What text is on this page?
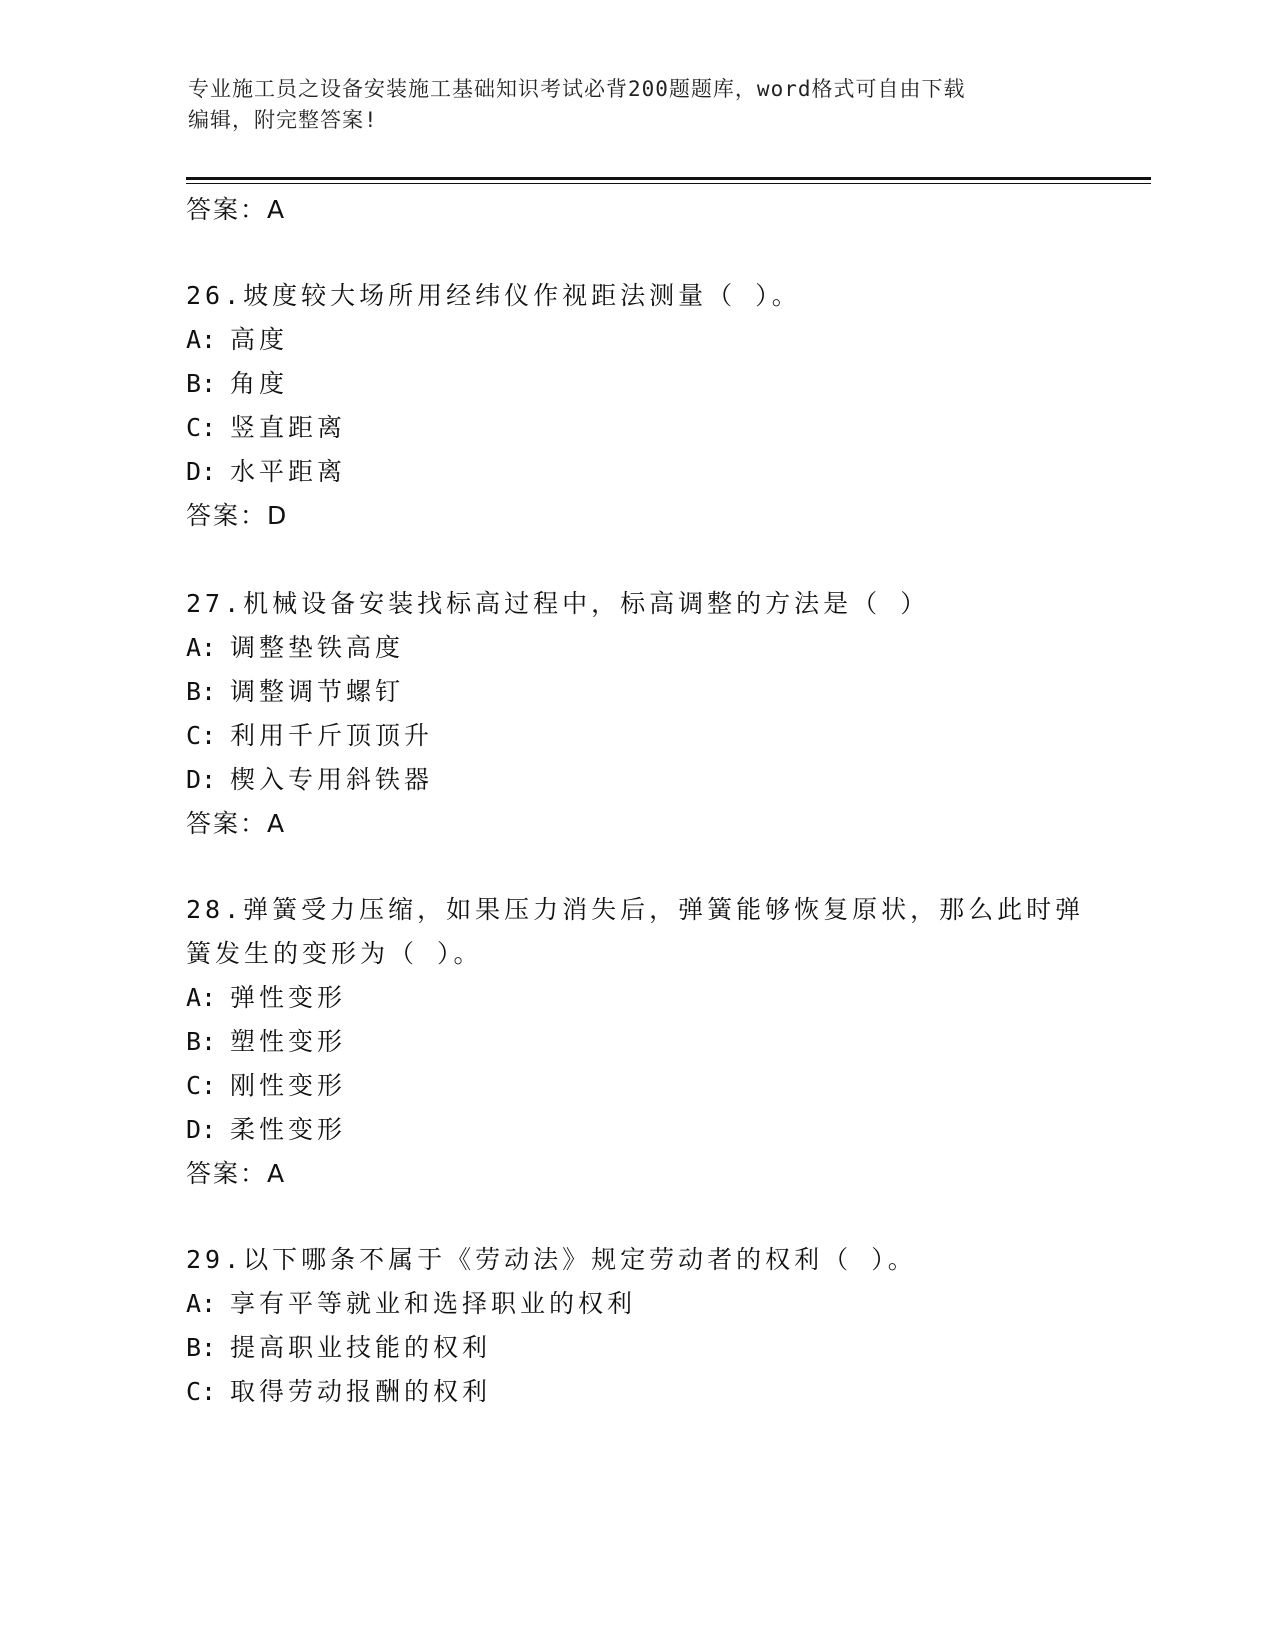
专业施工员之设备安装施工基础知识考试必背200题题库，word格式可自由下载
编辑，附完整答案!
答案：A
26.坡度较大场所用经纬仪作视距法测量（ ）。
A: 高度
B: 角度
C: 竖直距离
D: 水平距离
答案：D
27.机械设备安装找标高过程中，标高调整的方法是（ ）
A: 调整垫铁高度
B: 调整调节螺钉
C: 利用千斤顶顶升
D: 楔入专用斜铁器
答案：A
28.弹簧受力压缩，如果压力消失后，弹簧能够恢复原状，那么此时弹
簧发生的变形为（ ）。
A: 弹性变形
B: 塑性变形
C: 刚性变形
D: 柔性变形
答案：A
29.以下哪条不属于《劳动法》规定劳动者的权利（ ）。
A: 享有平等就业和选择职业的权利
B: 提高职业技能的权利
C: 取得劳动报酬的权利
